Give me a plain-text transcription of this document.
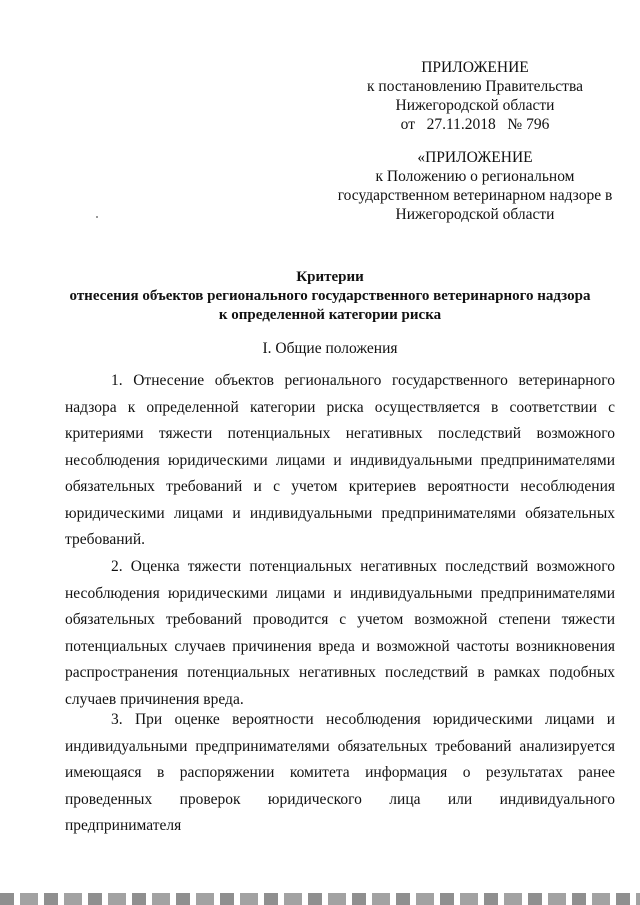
ПРИЛОЖЕНИЕ
к постановлению Правительства
Нижегородской области
от   27.11.2018   № 796
«ПРИЛОЖЕНИЕ
к Положению о региональном
государственном ветеринарном надзоре в
Нижегородской области
Критерии
отнесения объектов регионального государственного ветеринарного надзора
к определенной категории риска
I. Общие положения

1. Отнесение объектов регионального государственного ветеринарного надзора к определенной категории риска осуществляется в соответствии с критериями тяжести потенциальных негативных последствий возможного несоблюдения юридическими лицами и индивидуальными предпринимателями обязательных требований и с учетом критериев вероятности несоблюдения юридическими лицами и индивидуальными предпринимателями обязательных требований.

2. Оценка тяжести потенциальных негативных последствий возможного несоблюдения юридическими лицами и индивидуальными предпринимателями обязательных требований проводится с учетом возможной степени тяжести потенциальных случаев причинения вреда и возможной частоты возникновения распространения потенциальных негативных последствий в рамках подобных случаев причинения вреда.

3. При оценке вероятности несоблюдения юридическими лицами и индивидуальными предпринимателями обязательных требований анализируется имеющаяся в распоряжении комитета информация о результатах ранее проведенных проверок юридического лица или индивидуального предпринимателя
